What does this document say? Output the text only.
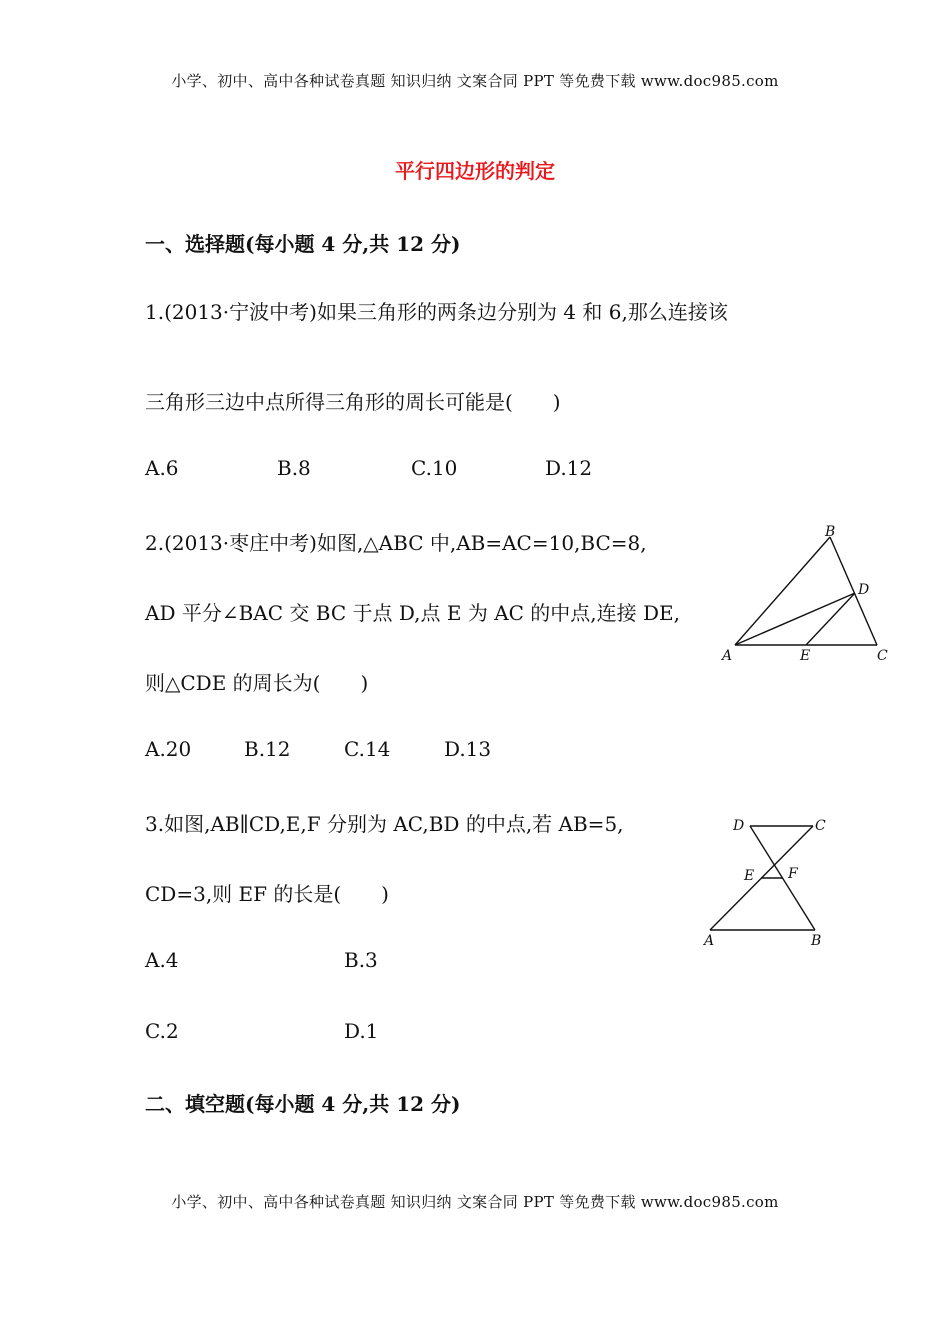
小学、初中、高中各种试卷真题 知识归纳 文案合同 PPT 等免费下载 www.doc985.com
平行四边形的判定
一、选择题(每小题 4 分,共 12 分)
1.(2013·宁波中考)如果三角形的两条边分别为 4 和 6,那么连接该
三角形三边中点所得三角形的周长可能是(　　)
A.6	B.8	C.10	D.12
2.(2013·枣庄中考)如图,△ABC 中,AB=AC=10,BC=8,
AD 平分∠BAC 交 BC 于点 D,点 E 为 AC 的中点,连接 DE,
则△CDE 的周长为(　　)
A.20	B.12	C.14	D.13
B
D
A	E	C
3.如图,AB∥CD,E,F 分别为 AC,BD 的中点,若 AB=5,
CD=3,则 EF 的长是(　　)
A.4	B.3
C.2	D.1
D	C
E F
A	B
二、填空题(每小题 4 分,共 12 分)
小学、初中、高中各种试卷真题 知识归纳 文案合同 PPT 等免费下载 www.doc985.com
